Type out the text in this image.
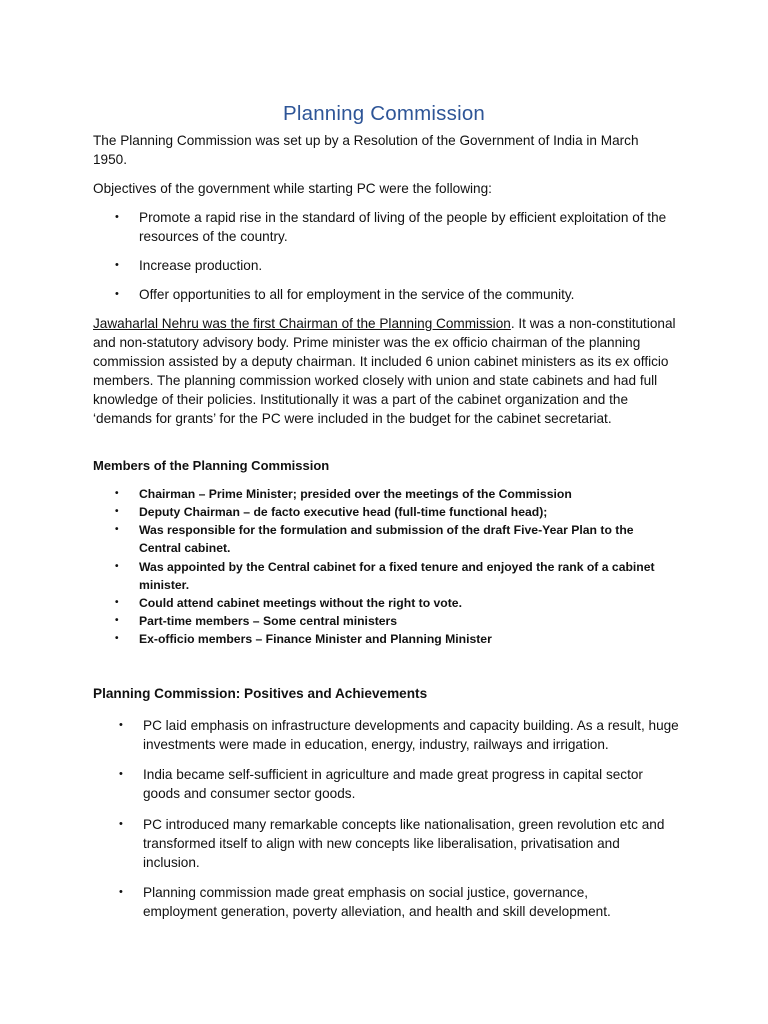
Planning Commission
The Planning Commission was set up by a Resolution of the Government of India in March 1950.
Objectives of the government while starting PC were the following:
• Promote a rapid rise in the standard of living of the people by efficient exploitation of the resources of the country.
• Increase production.
• Offer opportunities to all for employment in the service of the community.
Jawaharlal Nehru was the first Chairman of the Planning Commission. It was a non-constitutional and non-statutory advisory body. Prime minister was the ex officio chairman of the planning commission assisted by a deputy chairman. It included 6 union cabinet ministers as its ex officio members. The planning commission worked closely with union and state cabinets and had full knowledge of their policies. Institutionally it was a part of the cabinet organization and the ‘demands for grants’ for the PC were included in the budget for the cabinet secretariat.
Members of the Planning Commission
• Chairman – Prime Minister; presided over the meetings of the Commission
• Deputy Chairman – de facto executive head (full-time functional head);
• Was responsible for the formulation and submission of the draft Five-Year Plan to the Central cabinet.
• Was appointed by the Central cabinet for a fixed tenure and enjoyed the rank of a cabinet minister.
• Could attend cabinet meetings without the right to vote.
• Part-time members – Some central ministers
• Ex-officio members – Finance Minister and Planning Minister
Planning Commission: Positives and Achievements
• PC laid emphasis on infrastructure developments and capacity building. As a result, huge investments were made in education, energy, industry, railways and irrigation.
• India became self-sufficient in agriculture and made great progress in capital sector goods and consumer sector goods.
• PC introduced many remarkable concepts like nationalisation, green revolution etc and transformed itself to align with new concepts like liberalisation, privatisation and inclusion.
• Planning commission made great emphasis on social justice, governance, employment generation, poverty alleviation, and health and skill development.
